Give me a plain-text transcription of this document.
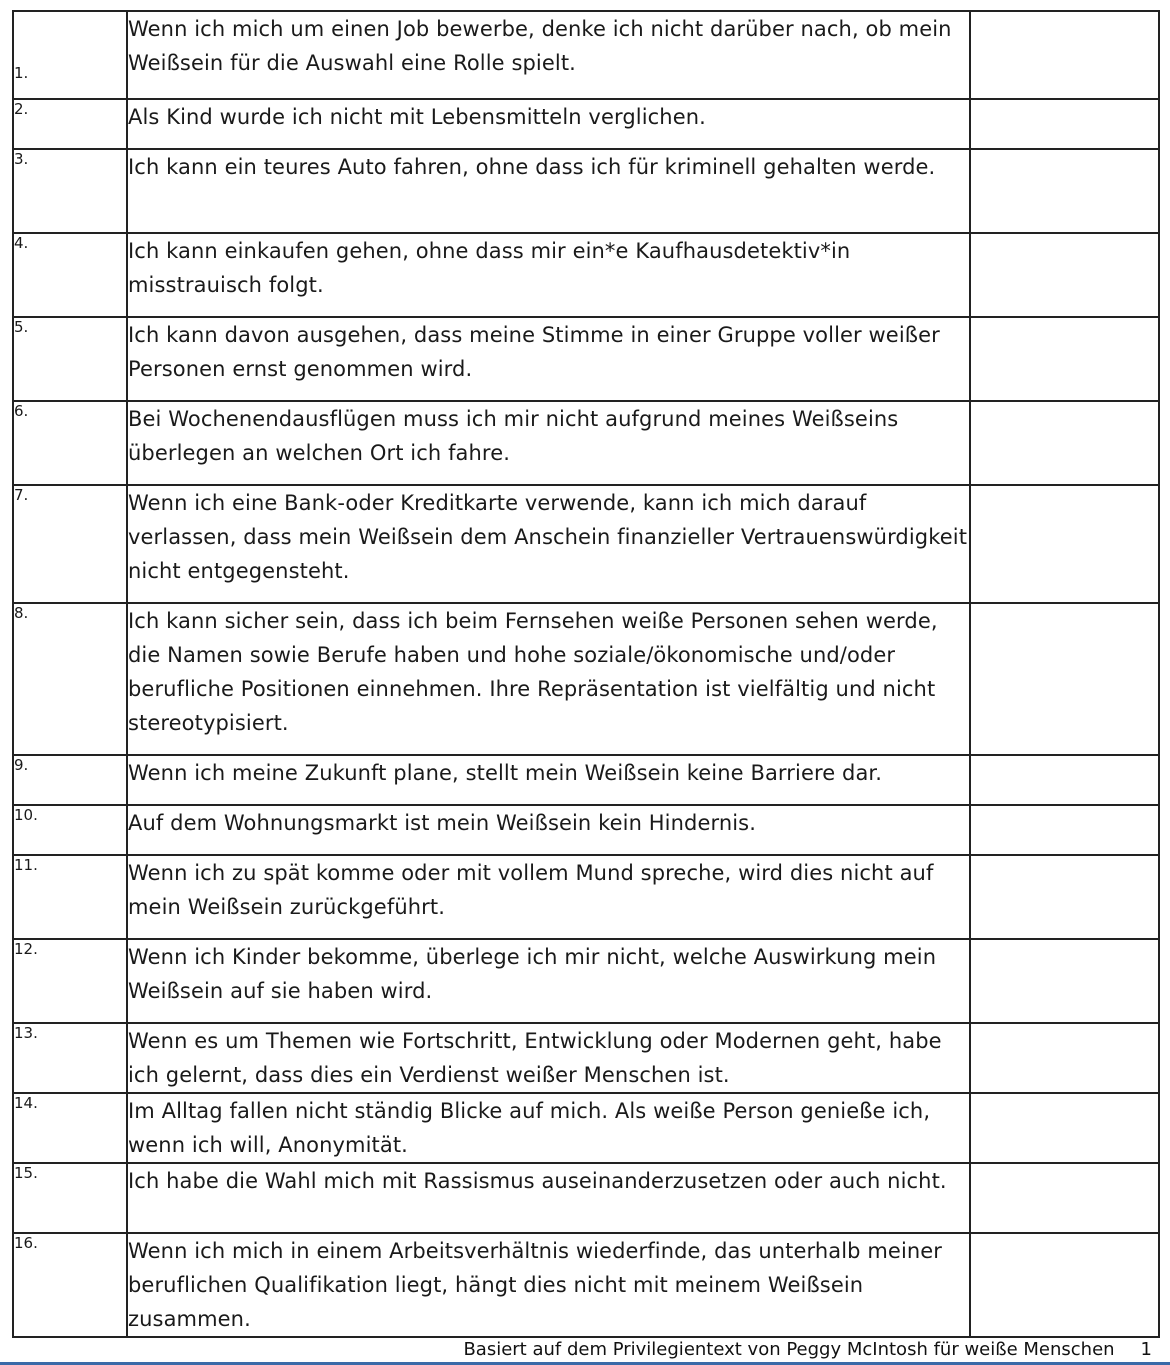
1.	Wenn ich mich um einen Job bewerbe, denke ich nicht darüber nach, ob mein Weißsein für die Auswahl eine Rolle spielt.	
2.	Als Kind wurde ich nicht mit Lebensmitteln verglichen.	
3.	Ich kann ein teures Auto fahren, ohne dass ich für kriminell gehalten werde.	
4.	Ich kann einkaufen gehen, ohne dass mir ein*e Kaufhausdetektiv*in misstrauisch folgt.	
5.	Ich kann davon ausgehen, dass meine Stimme in einer Gruppe voller weißer Personen ernst genommen wird.	
6.	Bei Wochenendausflügen muss ich mir nicht aufgrund meines Weißseins überlegen an welchen Ort ich fahre.	
7.	Wenn ich eine Bank-oder Kreditkarte verwende, kann ich mich darauf verlassen, dass mein Weißsein dem Anschein finanzieller Vertrauenswürdigkeit nicht entgegensteht.	
8.	Ich kann sicher sein, dass ich beim Fernsehen weiße Personen sehen werde, die Namen sowie Berufe haben und hohe soziale/ökonomische und/oder berufliche Positionen einnehmen. Ihre Repräsentation ist vielfältig und nicht stereotypisiert.	
9.	Wenn ich meine Zukunft plane, stellt mein Weißsein keine Barriere dar.	
10.	Auf dem Wohnungsmarkt ist mein Weißsein kein Hindernis.	
11.	Wenn ich zu spät komme oder mit vollem Mund spreche, wird dies nicht auf mein Weißsein zurückgeführt.	
12.	Wenn ich Kinder bekomme, überlege ich mir nicht, welche Auswirkung mein Weißsein auf sie haben wird.	
13.	Wenn es um Themen wie Fortschritt, Entwicklung oder Modernen geht, habe ich gelernt, dass dies ein Verdienst weißer Menschen ist.	
14.	Im Alltag fallen nicht ständig Blicke auf mich. Als weiße Person genieße ich, wenn ich will, Anonymität.	
15.	Ich habe die Wahl mich mit Rassismus auseinanderzusetzen oder auch nicht.	
16.	Wenn ich mich in einem Arbeitsverhältnis wiederfinde, das unterhalb meiner beruflichen Qualifikation liegt, hängt dies nicht mit meinem Weißsein zusammen.	
Basiert auf dem Privilegientext von Peggy McIntosh für weiße Menschen 1
